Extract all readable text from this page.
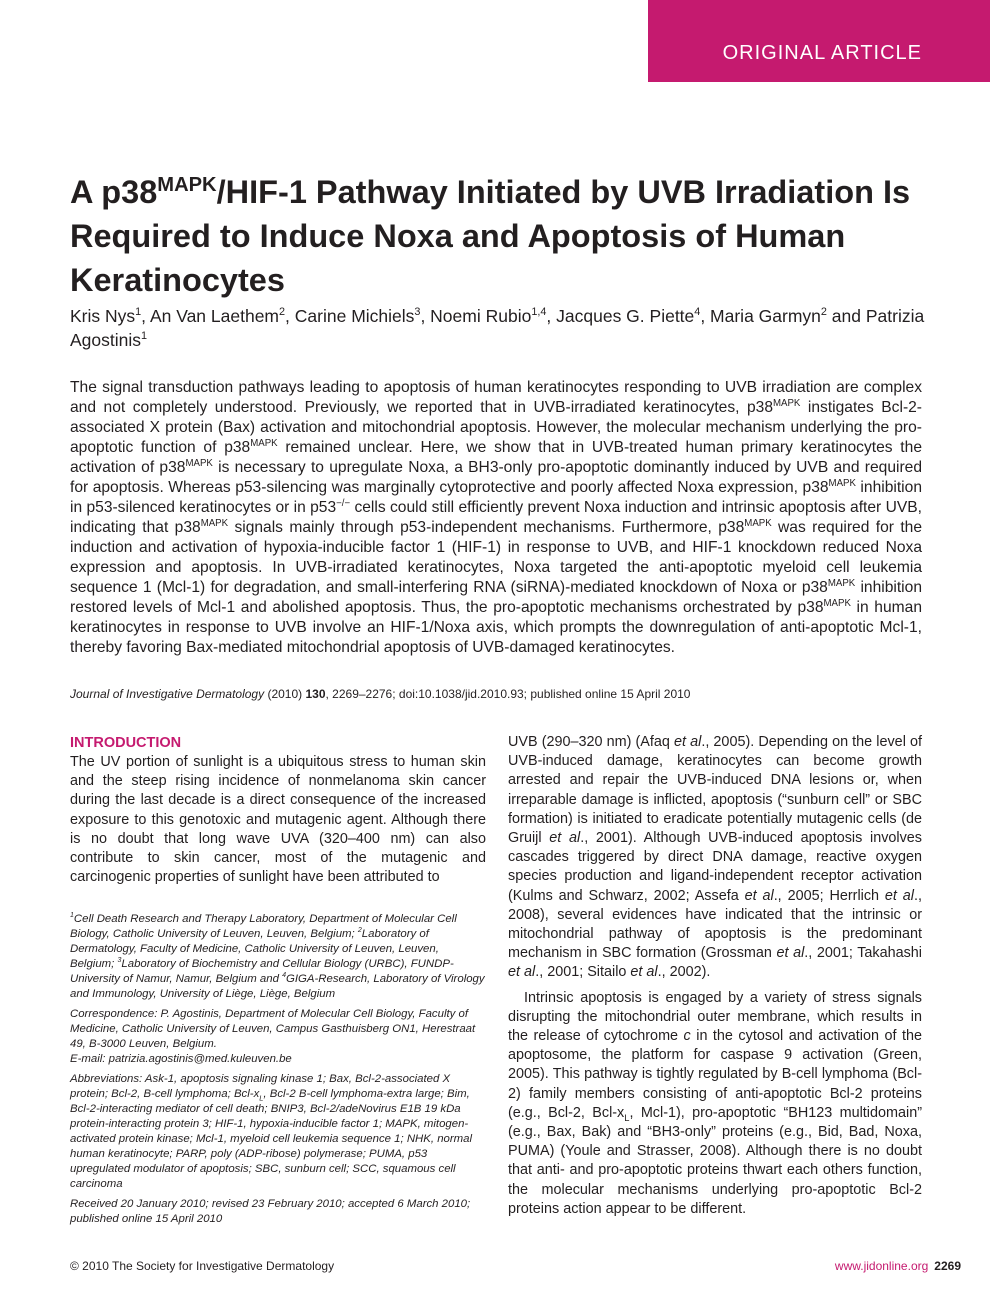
ORIGINAL ARTICLE
A $p38^{MAPK}/HIF-1$ Pathway Initiated by UVB Irradiation Is Required to Induce Noxa and Apoptosis of Human Keratinocytes

Kris Nys$^1$, An Van Laethem$^2$, Carine Michiels$^3$, Noemi Rubio$^{1,4}$, Jacques G. Piette$^4$, Maria Garmyn$^2$ and Patrizia Agostinis$^1$

The signal transduction pathways leading to apoptosis of human keratinocytes responding to UVB irradiation are complex and not completely understood. Previously, we reported that in UVB-irradiated keratinocytes, $p38^{MAPK}$ instigates Bcl-2-associated X protein (Bax) activation and mitochondrial apoptosis. However, the molecular mechanism underlying the pro-apoptotic function of $p38^{MAPK}$ remained unclear. Here, we show that in UVB-treated human primary keratinocytes the activation of $p38^{MAPK}$ is necessary to upregulate Noxa, a BH3-only pro-apoptotic dominantly induced by UVB and required for apoptosis. Whereas p53-silencing was marginally cytoprotective and poorly affected Noxa expression, $p38^{MAPK}$ inhibition in p53-silenced keratinocytes or in p53−/− cells could still efficiently prevent Noxa induction and intrinsic apoptosis after UVB, indicating that $p38^{MAPK}$ signals mainly through p53-independent mechanisms. Furthermore, $p38^{MAPK}$ was required for the induction and activation of hypoxia-inducible factor 1 (HIF-1) in response to UVB, and HIF-1 knockdown reduced Noxa expression and apoptosis. In UVB-irradiated keratinocytes, Noxa targeted the anti-apoptotic myeloid cell leukemia sequence 1 (Mcl-1) for degradation, and small-interfering RNA (siRNA)-mediated knockdown of Noxa or $p38^{MAPK}$ inhibition restored levels of Mcl-1 and abolished apoptosis. Thus, the pro-apoptotic mechanisms orchestrated by $p38^{MAPK}$ in human keratinocytes in response to UVB involve an HIF-1/Noxa axis, which prompts the downregulation of anti-apoptotic Mcl-1, thereby favoring Bax-mediated mitochondrial apoptosis of UVB-damaged keratinocytes.

Journal of Investigative Dermatology (2010) 130, 2269–2276; doi:10.1038/jid.2010.93; published online 15 April 2010

INTRODUCTION

The UV portion of sunlight is a ubiquitous stress to human skin and the steep rising incidence of nonmelanoma skin cancer during the last decade is a direct consequence of the increased exposure to this genotoxic and mutagenic agent. Although there is no doubt that long wave UVA (320–400 nm) can also contribute to skin cancer, most of the mutagenic and carcinogenic properties of sunlight have been attributed to

$^1$Cell Death Research and Therapy Laboratory, Department of Molecular Cell Biology, Catholic University of Leuven, Leuven, Belgium; $^2$Laboratory of Dermatology, Faculty of Medicine, Catholic University of Leuven, Leuven, Belgium; $^3$Laboratory of Biochemistry and Cellular Biology (URBC), FUNDP-University of Namur, Namur, Belgium and $^4$GIGA-Research, Laboratory of Virology and Immunology, University of Liège, Liège, Belgium

Correspondence: P. Agostinis, Department of Molecular Cell Biology, Faculty of Medicine, Catholic University of Leuven, Campus Gasthuisberg ON1, Herestraat 49, B-3000 Leuven, Belgium.
E-mail: patrizia.agostinis@med.kuleuven.be

Abbreviations: Ask-1, apoptosis signaling kinase 1; Bax, Bcl-2-associated X protein; Bcl-2, B-cell lymphoma; Bcl-$x_L$, Bcl-2 B-cell lymphoma-extra large; Bim, Bcl-2-interacting mediator of cell death; BNIP3, Bcl-2/adeNovirus E1B 19 kDa protein-interacting protein 3; HIF-1, hypoxia-inducible factor 1; MAPK, mitogen-activated protein kinase; Mcl-1, myeloid cell leukemia sequence 1; NHK, normal human keratinocyte; PARP, poly (ADP-ribose) polymerase; PUMA, p53 upregulated modulator of apoptosis; SBC, sunburn cell; SCC, squamous cell carcinoma

Received 20 January 2010; revised 23 February 2010; accepted 6 March 2010; published online 15 April 2010

UVB (290–320 nm) (Afaq et al., 2005). Depending on the level of UVB-induced damage, keratinocytes can become growth arrested and repair the UVB-induced DNA lesions or, when irreparable damage is inflicted, apoptosis (“sunburn cell” or SBC formation) is initiated to eradicate potentially mutagenic cells (de Gruijl et al., 2001). Although UVB-induced apoptosis involves cascades triggered by direct DNA damage, reactive oxygen species production and ligand-independent receptor activation (Kulms and Schwarz, 2002; Assefa et al., 2005; Herrlich et al., 2008), several evidences have indicated that the intrinsic or mitochondrial pathway of apoptosis is the predominant mechanism in SBC formation (Grossman et al., 2001; Takahashi et al., 2001; Sitailo et al., 2002).

Intrinsic apoptosis is engaged by a variety of stress signals disrupting the mitochondrial outer membrane, which results in the release of cytochrome c in the cytosol and activation of the apoptosome, the platform for caspase 9 activation (Green, 2005). This pathway is tightly regulated by B-cell lymphoma (Bcl-2) family members consisting of anti-apoptotic Bcl-2 proteins (e.g., Bcl-2, Bcl-$x_L$, Mcl-1), pro-apoptotic “BH123 multidomain” (e.g., Bax, Bak) and “BH3-only” proteins (e.g., Bid, Bad, Noxa, PUMA) (Youle and Strasser, 2008). Although there is no doubt that anti- and pro-apoptotic proteins thwart each others function, the molecular mechanisms underlying pro-apoptotic Bcl-2 proteins action appear to be different.

© 2010 The Society for Investigative Dermatology	www.jidonline.org 2269
